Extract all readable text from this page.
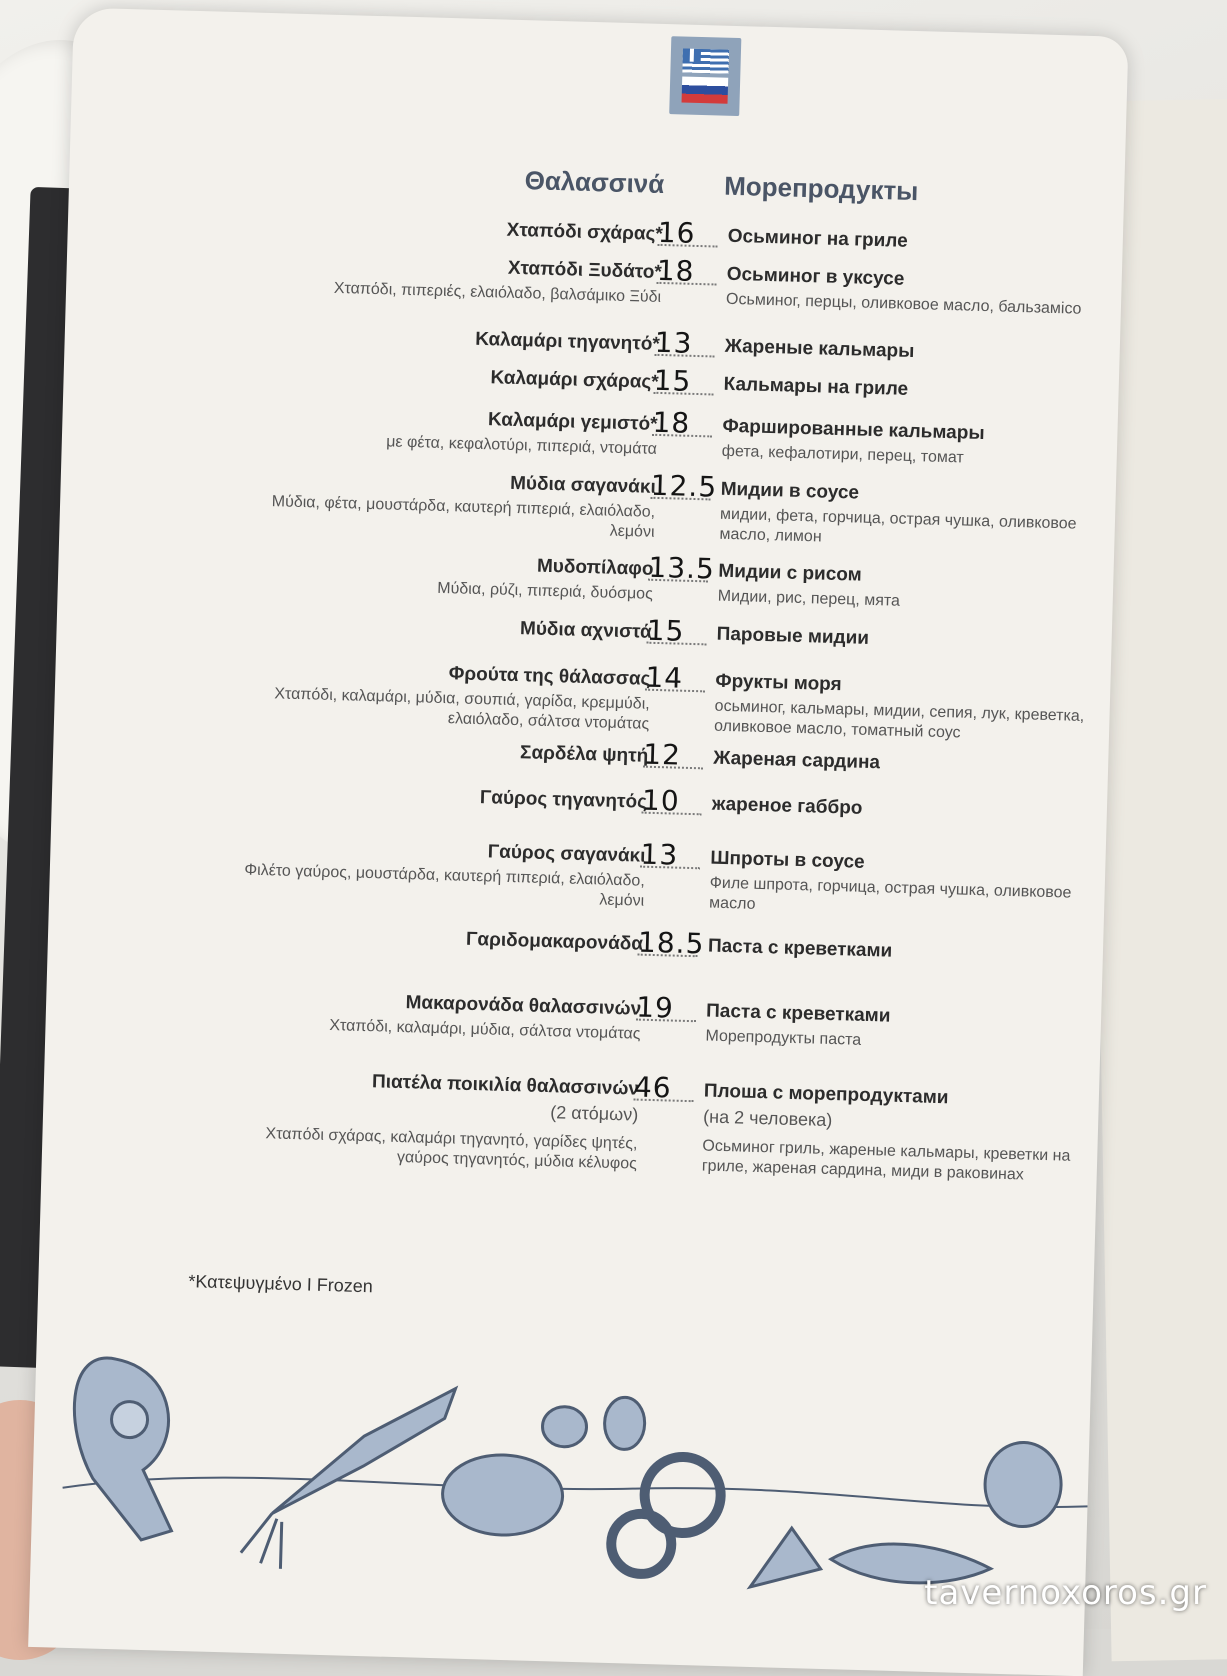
Θαλασσινά Морепродукты
Χταπόδι σχάρας*
16 Осьминог на гриле
Χταπόδι Ξυδάτο*
Χταπόδι, πιπεριές, ελαιόλαδο, βαλσάμικο Ξύδι
18 Осьминог в уксусе
Осьминог, перцы, оливковое масло, бальзамico
Καλαμάρι τηγανητό*
13 Жареные кальмары
Καλαμάρι σχάρας*
15 Кальмары на гриле
Καλαμάρι γεμιστό*
με φέτα, κεφαλοτύρι, πιπεριά, ντομάτα
18 Фаршированные кальмары
фета, кефалотири, перец, томат
Μύδια σαγανάκι
Μύδια, φέτα, μουστάρδα, καυτερή πιπεριά, ελαιόλαδο, λεμόνι
12.5 Мидии в соусе
мидии, фета, горчица, острая чушка, оливковое масло, лимон
Μυδοπίλαφο
Μύδια, ρύζι, πιπεριά, δυόσμος
13.5 Мидии с рисом
Мидии, рис, перец, мята
Μύδια αχνιστά
15 Паровые мидии
Φρούτα της θάλασσας
Χταπόδι, καλαμάρι, μύδια, σουπιά, γαρίδα, κρεμμύδι, ελαιόλαδο, σάλτσα ντομάτας
14 Фрукты моря
осьминог, кальмары, мидии, сепия, лук, креветка, оливковое масло, томатный соус
Σαρδέλα ψητή
12 Жареная сардина
Γαύρος τηγανητός
10 жареное габбро
Γαύρος σαγανάκι
Φιλέτο γαύρος, μουστάρδα, καυτερή πιπεριά, ελαιόλαδο, λεμόνι
13 Шпроты в соусе
Филе шпрота, горчица, острая чушка, оливковое масло
Γαριδομακαρονάδα
18.5 Паста с креветками
Μακαρονάδα θαλασσινών
Χταπόδι, καλαμάρι, μύδια, σάλτσα ντομάτας
19 Паста с креветками
Морепродукты паста
Πιατέλα ποικιλία θαλασσινών
(2 ατόμων)
Χταπόδι σχάρας, καλαμάρι τηγανητό, γαρίδες ψητές, γαύρος τηγανητός, μύδια κέλυφος
46 Плоша с морепродуктами
(на 2 человека)
Осьминог гриль, жареные кальмары, креветки на гриле, жареная сардина, миди в раковинах
*Κατεψυγμένο I Frozen
tavernoxoros.gr
